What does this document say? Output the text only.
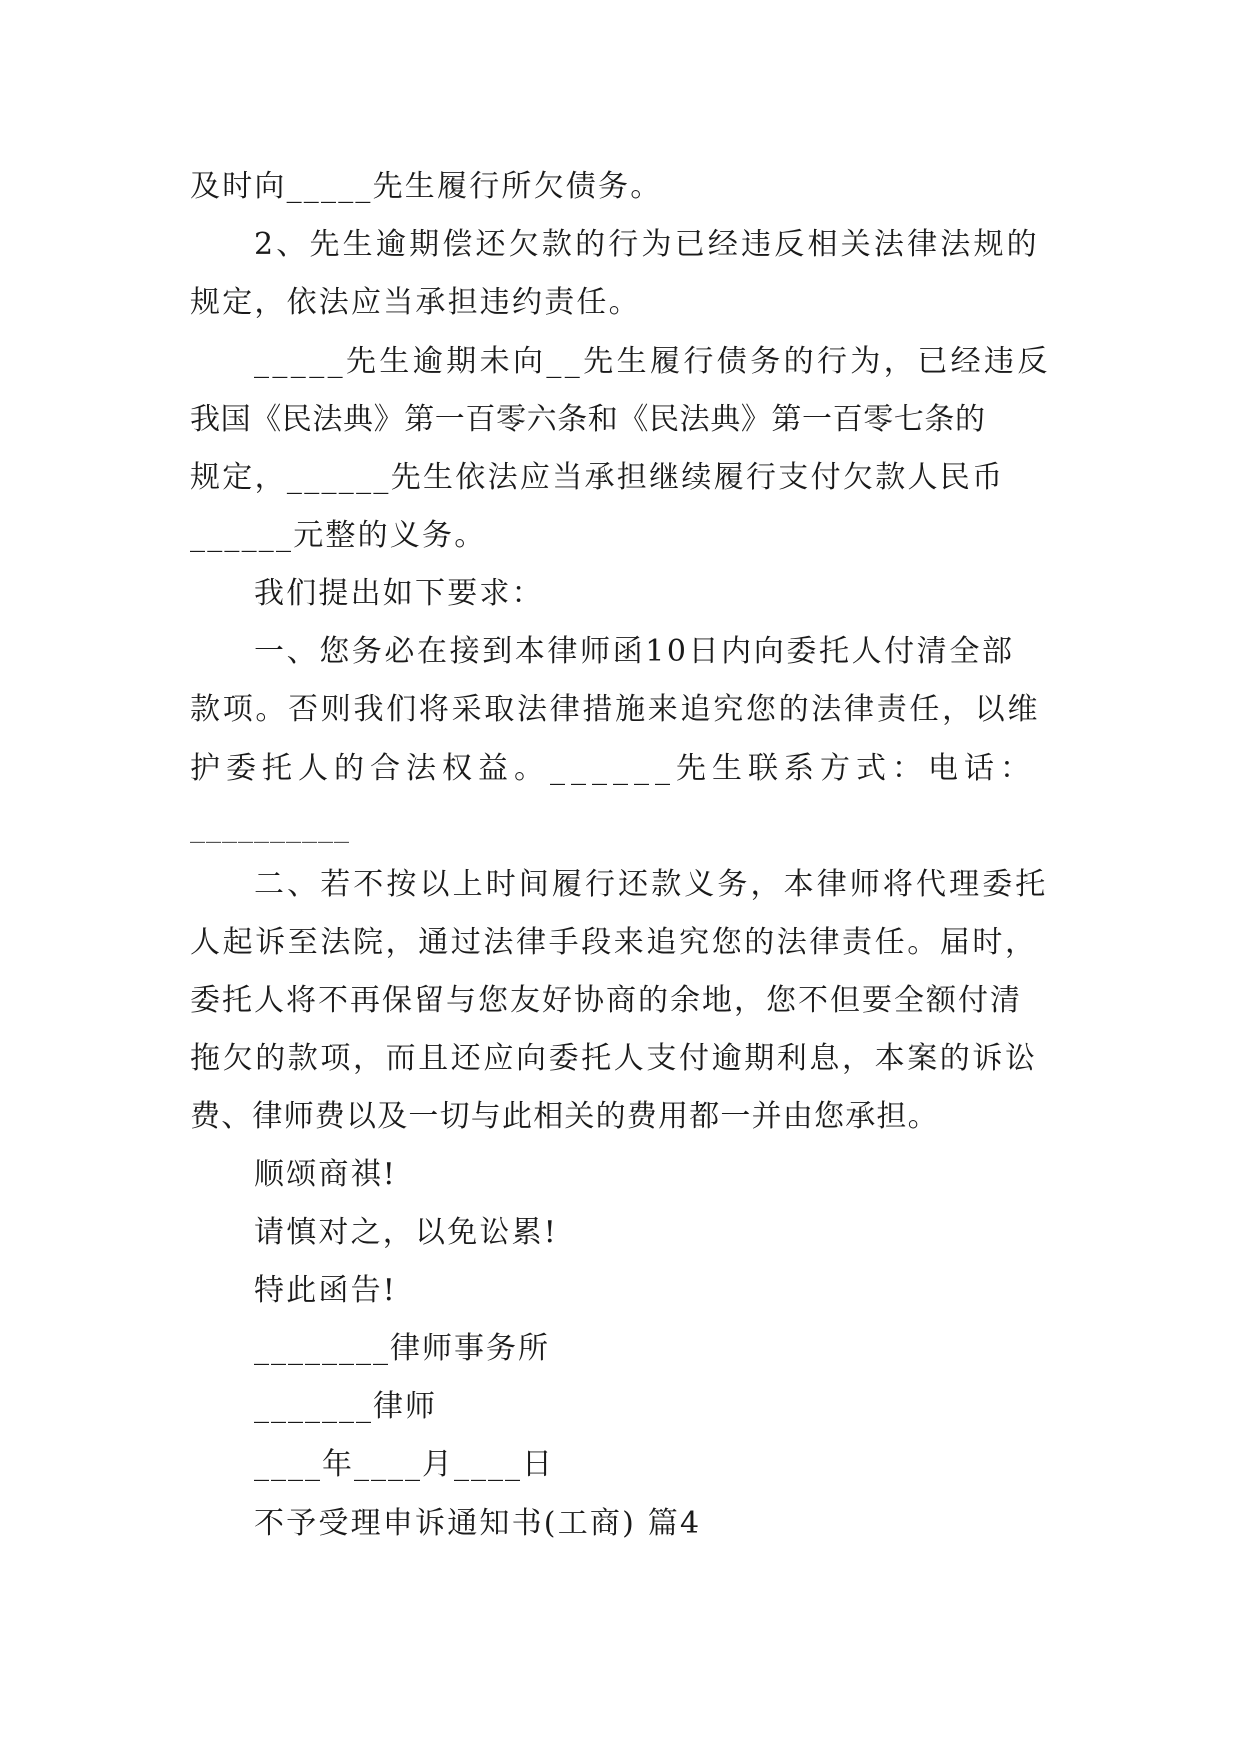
及时向_____先生履行所欠债务。
2、先生逾期偿还欠款的行为已经违反相关法律法规的
规定，依法应当承担违约责任。
_____先生逾期未向__先生履行债务的行为，已经违反
我国《民法典》第一百零六条和《民法典》第一百零七条的
规定，______先生依法应当承担继续履行支付欠款人民币
______元整的义务。
我们提出如下要求：
一、您务必在接到本律师函10日内向委托人付清全部
款项。否则我们将采取法律措施来追究您的法律责任，以维
护委托人的合法权益。______先生联系方式：电话：
__________
二、若不按以上时间履行还款义务，本律师将代理委托
人起诉至法院，通过法律手段来追究您的法律责任。届时，
委托人将不再保留与您友好协商的余地，您不但要全额付清
拖欠的款项，而且还应向委托人支付逾期利息，本案的诉讼
费、律师费以及一切与此相关的费用都一并由您承担。
顺颂商祺!
请慎对之，以免讼累!
特此函告!
________律师事务所
_______律师
____年____月____日
不予受理申诉通知书(工商) 篇4
